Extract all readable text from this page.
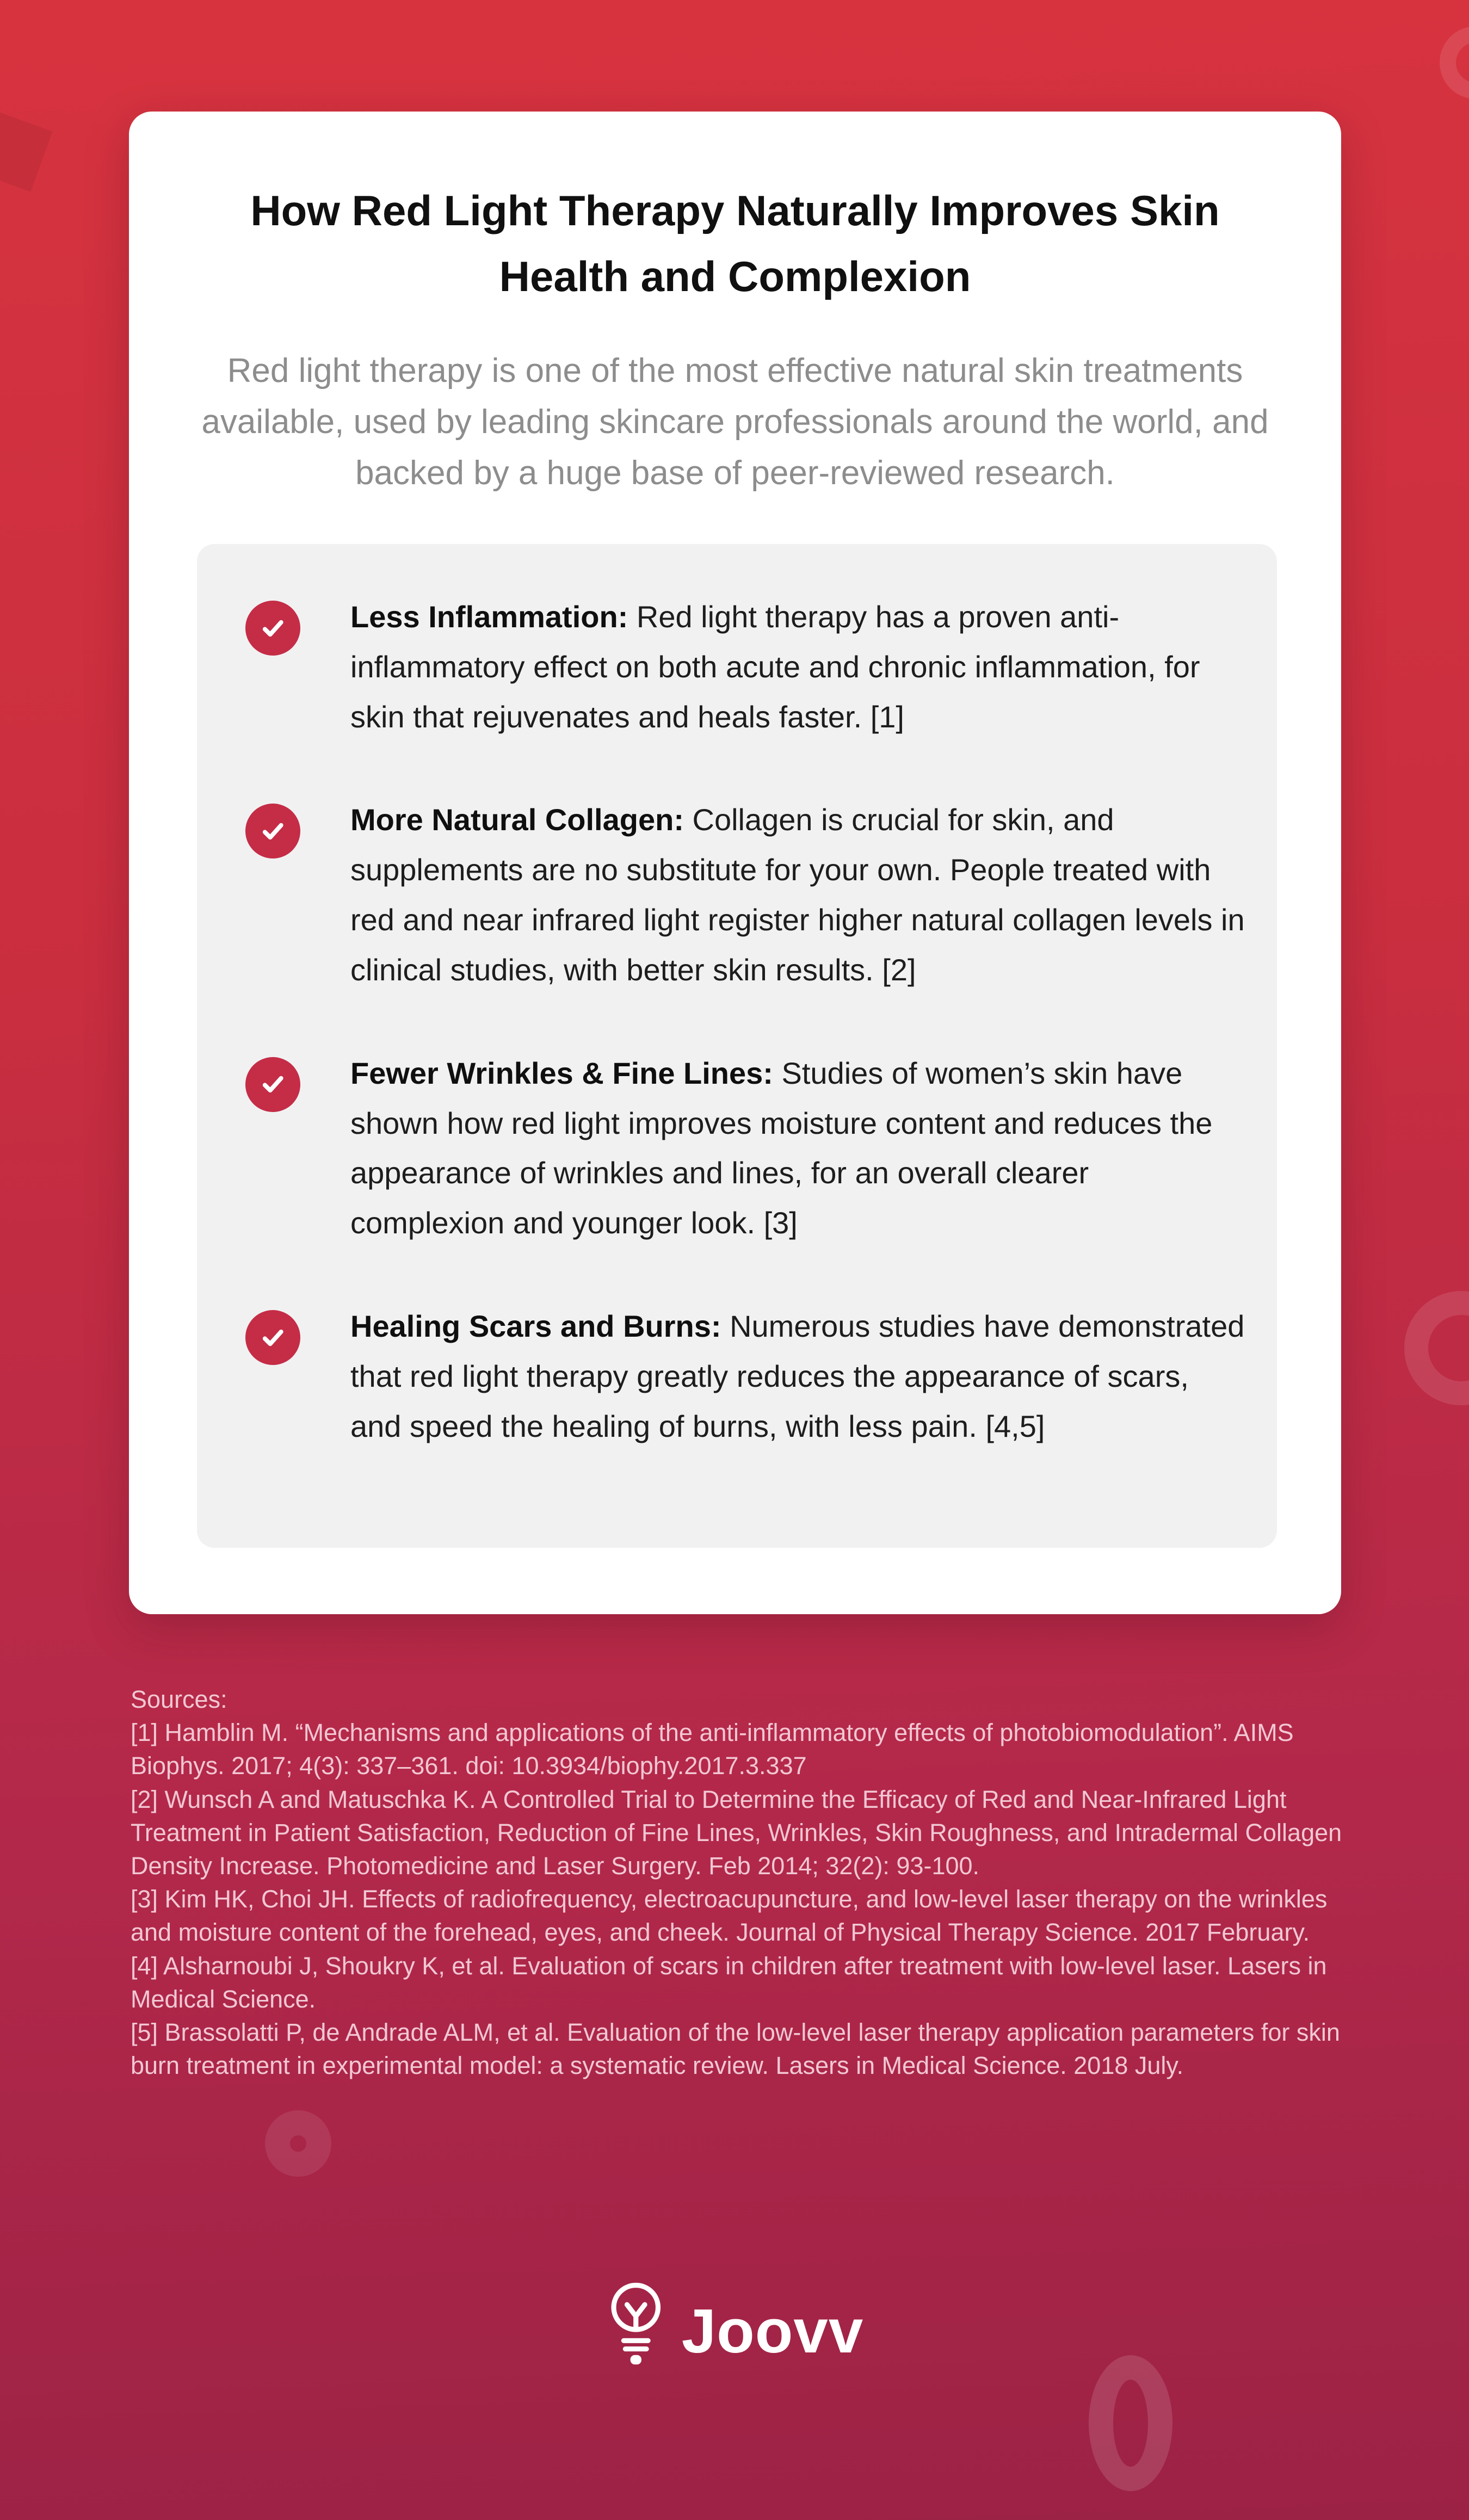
How Red Light Therapy Naturally Improves Skin Health and Complexion

Red light therapy is one of the most effective natural skin treatments available, used by leading skincare professionals around the world, and backed by a huge base of peer-reviewed research.

Less Inflammation: Red light therapy has a proven anti-inflammatory effect on both acute and chronic inflammation, for skin that rejuvenates and heals faster. [1]

More Natural Collagen: Collagen is crucial for skin, and supplements are no substitute for your own. People treated with red and near infrared light register higher natural collagen levels in clinical studies, with better skin results. [2]

Fewer Wrinkles & Fine Lines: Studies of women’s skin have shown how red light improves moisture content and reduces the appearance of wrinkles and lines, for an overall clearer complexion and younger look. [3]

Healing Scars and Burns: Numerous studies have demonstrated that red light therapy greatly reduces the appearance of scars, and speed the healing of burns, with less pain. [4,5]

Sources:

[1] Hamblin M. “Mechanisms and applications of the anti-inflammatory effects of photobiomodulation”. AIMS Biophys. 2017; 4(3): 337–361. doi: 10.3934/biophy.2017.3.337

[2] Wunsch A and Matuschka K. A Controlled Trial to Determine the Efficacy of Red and Near-Infrared Light Treatment in Patient Satisfaction, Reduction of Fine Lines, Wrinkles, Skin Roughness, and Intradermal Collagen Density Increase. Photomedicine and Laser Surgery. Feb 2014; 32(2): 93-100.

[3] Kim HK, Choi JH. Effects of radiofrequency, electroacupuncture, and low-level laser therapy on the wrinkles and moisture content of the forehead, eyes, and cheek. Journal of Physical Therapy Science. 2017 February.

[4] Alsharnoubi J, Shoukry K, et al. Evaluation of scars in children after treatment with low-level laser. Lasers in Medical Science.

[5] Brassolatti P, de Andrade ALM, et al. Evaluation of the low-level laser therapy application parameters for skin burn treatment in experimental model: a systematic review. Lasers in Medical Science. 2018 July.

Joovv
